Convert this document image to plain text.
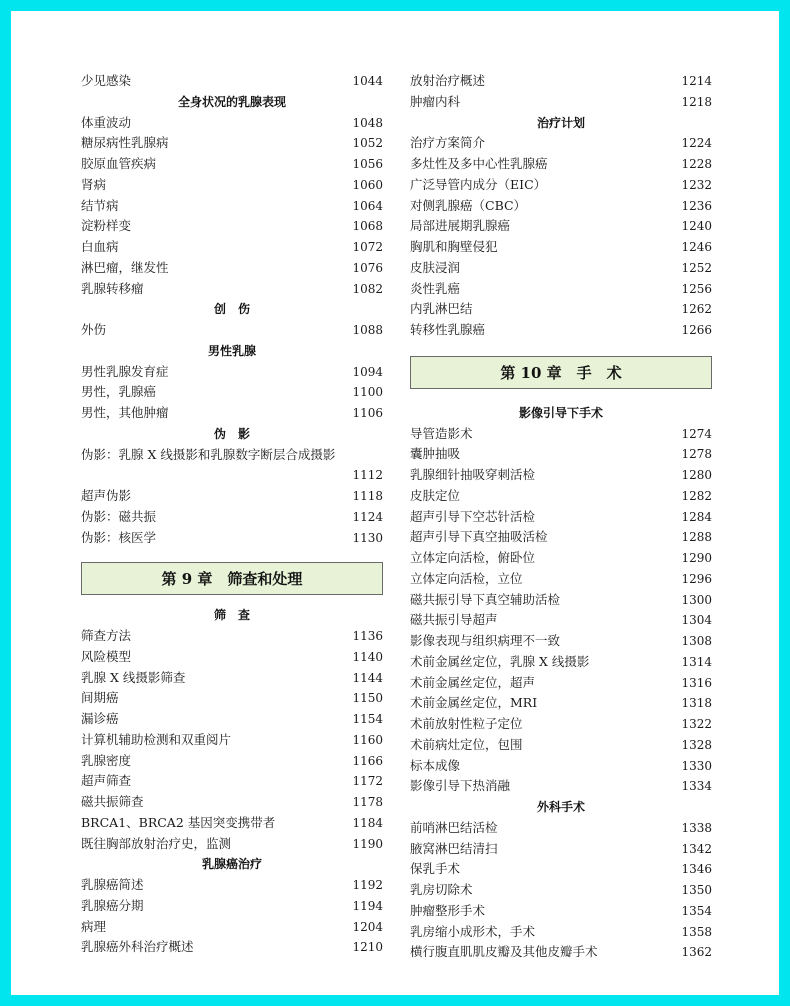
少见感染	1044
全身状况的乳腺表现
体重波动	1048
糖尿病性乳腺病	1052
胶原血管疾病	1056
肾病	1060
结节病	1064
淀粉样变	1068
白血病	1072
淋巴瘤，继发性	1076
乳腺转移瘤	1082
创　伤
外伤	1088
男性乳腺
男性乳腺发育症	1094
男性，乳腺癌	1100
男性，其他肿瘤	1106
伪　影
伪影：乳腺 X 线摄影和乳腺数字断层合成摄影
1112
超声伪影	1118
伪影：磁共振	1124
伪影：核医学	1130
第 9 章　筛查和处理
筛　查
筛查方法	1136
风险模型	1140
乳腺 X 线摄影筛查	1144
间期癌	1150
漏诊癌	1154
计算机辅助检测和双重阅片	1160
乳腺密度	1166
超声筛查	1172
磁共振筛查	1178
BRCA1、BRCA2 基因突变携带者	1184
既往胸部放射治疗史，监测	1190
乳腺癌治疗
乳腺癌简述	1192
乳腺癌分期	1194
病理	1204
乳腺癌外科治疗概述	1210
放射治疗概述	1214
肿瘤内科	1218
治疗计划
治疗方案简介	1224
多灶性及多中心性乳腺癌	1228
广泛导管内成分（EIC）	1232
对侧乳腺癌（CBC）	1236
局部进展期乳腺癌	1240
胸肌和胸壁侵犯	1246
皮肤浸润	1252
炎性乳癌	1256
内乳淋巴结	1262
转移性乳腺癌	1266
第 10 章　手　术
影像引导下手术
导管造影术	1274
囊肿抽吸	1278
乳腺细针抽吸穿刺活检	1280
皮肤定位	1282
超声引导下空芯针活检	1284
超声引导下真空抽吸活检	1288
立体定向活检，俯卧位	1290
立体定向活检，立位	1296
磁共振引导下真空辅助活检	1300
磁共振引导超声	1304
影像表现与组织病理不一致	1308
术前金属丝定位，乳腺 X 线摄影	1314
术前金属丝定位，超声	1316
术前金属丝定位，MRI	1318
术前放射性粒子定位	1322
术前病灶定位，包围	1328
标本成像	1330
影像引导下热消融	1334
外科手术
前哨淋巴结活检	1338
腋窝淋巴结清扫	1342
保乳手术	1346
乳房切除术	1350
肿瘤整形手术	1354
乳房缩小成形术，手术	1358
横行腹直肌肌皮瓣及其他皮瓣手术	1362
